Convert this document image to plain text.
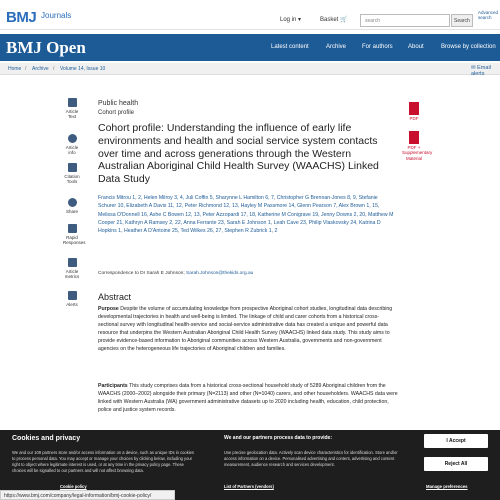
BMJ Journals	Log in ▾	Basket 🛒	search	Search
Advanced search
BMJ Open	Latest content	Archive	For authors	About	Browse by collection
Home / Archive / Volume 14, Issue 10	✉ Email alerts
Article Text
Article info
Citation Tools
Share
Rapid Responses
Article metrics
Alerts
Public health
Cohort profile
Cohort profile: Understanding the influence of early life environments and health and social service system contacts over time and across generations through the Western Australian Aboriginal Child Health Survey (WAACHS) Linked Data Study
Francis Mitrou 1, 2, Helen Milroy 3, 4, Juli Coffin 5, Sharynne L Hamilton 6, 7, Christopher G Brennan-Jones 8, 9, Stefanie Schurer 10, Elizabeth A Davis 11, 12, Peter Richmond 12, 13, Hayley M Passmore 14, Glenn Pearson 7, Alex Brown 1, 15, Melissa O'Donnell 16, Ashe C Bowen 12, 13, Peter Azzopardi 17, 18, Katherine M Conigrave 19, Jenny Downs 2, 20, Matthew M Cooper 21, Kathryn A Ramsey 2, 22, Anna Ferrante 23, Sarah E Johnson 1, Leah Cave 23, Philip Vlaskovsky 24, Katrina D Hopkins 1, Heather A D'Antoine 25, Ted Wilkes 26, 27, Stephen R Zubrick 1, 2
Correspondence to Dr Sarah E Johnson; Sarah.Johnson@thekids.org.au
Abstract
Purpose Despite the volume of accumulating knowledge from prospective Aboriginal cohort studies, longitudinal data describing developmental trajectories in health and well-being is limited. The linkage of child and carer cohorts from a historical cross-sectional survey with longitudinal health-service and social-service administrative data has created a unique and powerful data resource that underpins the Western Australian Aboriginal Child Health Survey (WAACHS) linked data study. This study aims to provide evidence-based information to Aboriginal communities across Western Australia, governments and non-government agencies on the heterogeneous life trajectories of Aboriginal children and families.
Participants This study comprises data from a historical cross-sectional household study of 5289 Aboriginal children from the WAACHS (2000–2002) alongside their primary (N=2113) and other (N=1040) carers, and other householders. WAACHS data were linked with Western Australia (WA) government administrative datasets up to 2020 including health, education, child protection, police and justice system records.
PDF
PDF + Supplementary Material
Cookies and privacy
We and our 109 partners store and/or access information on a device, such as unique IDs in cookies to process personal data. You may accept or manage your choices by clicking below, including your right to object where legitimate interest is used, or at any time in the privacy policy page. These choices will be signalled to our partners and will not affect browsing data.
Cookie policy
We and our partners process data to provide:
Use precise geolocation data. Actively scan device characteristics for identification. Store and/or access information on a device. Personalised advertising and content, advertising and content measurement, audience research and services development.
List of Partners (vendors)
I Accept
Reject All
Manage preferences
https://www.bmj.com/company/legal-information/bmj-cookie-policy/
